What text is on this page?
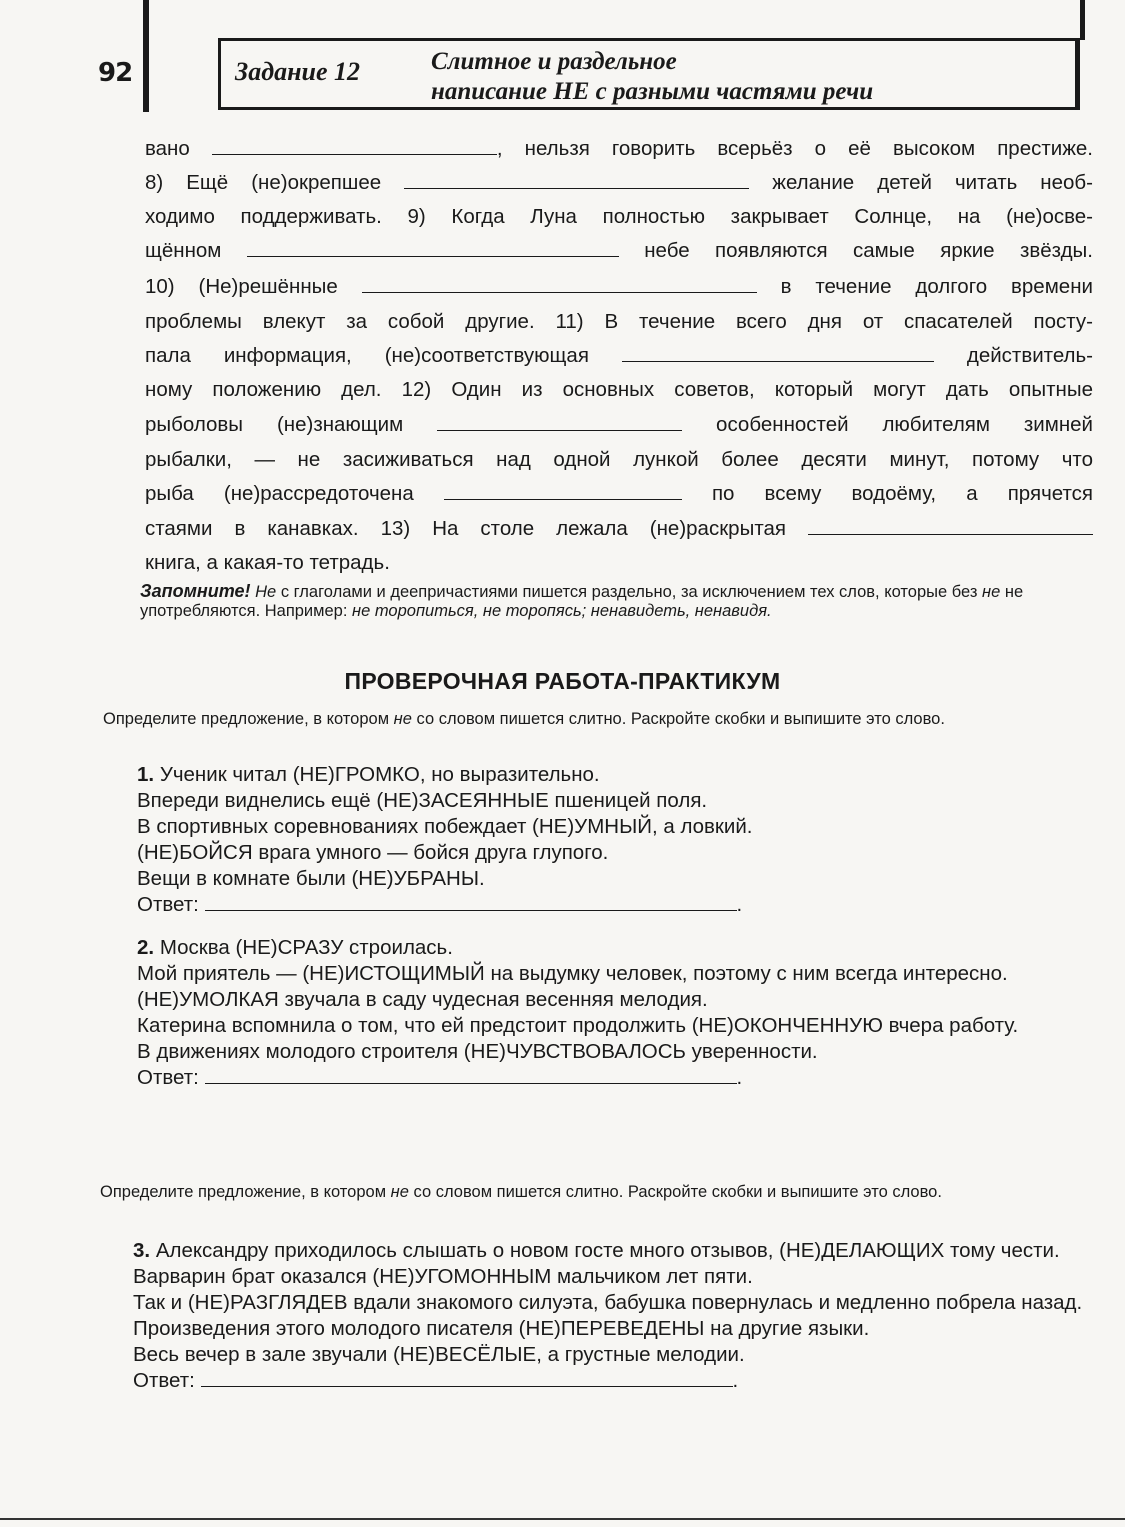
92	Задание 12	Слитное и раздельное
написание НЕ с разными частями речи
вано	, нельзя говорить всерьёз о её высоком престиже.
8) Ещё (не)окрепшее	желание детей читать необ-
ходимо поддерживать. 9) Когда Луна полностью закрывает Солнце, на (не)осве-
щённом	небе появляются самые яркие звёзды.
10) (Не)решённые	в течение долгого времени
проблемы влекут за собой другие. 11) В течение всего дня от спасателей посту-
пала информация, (не)соответствующая	действитель-
ному положению дел. 12) Один из основных советов, который могут дать опытные
рыболовы (не)знающим	особенностей любителям зимней
рыбалки, — не засиживаться над одной лункой более десяти минут, потому что
рыба (не)рассредоточена	по всему водоёму, а прячется
стаями в канавках. 13) На столе лежала (не)раскрытая
книга, а какая-то тетрадь.
Запомните! Не с глаголами и деепричастиями пишется раздельно, за исключением тех слов, которые без не не употребляются. Например: не торопиться, не торопясь; ненавидеть, ненавидя.
ПРОВЕРОЧНАЯ РАБОТА-ПРАКТИКУМ
Определите предложение, в котором не со словом пишется слитно. Раскройте скобки и выпишите это слово.

1. Ученик читал (НЕ)ГРОМКО, но выразительно.

Впереди виднелись ещё (НЕ)ЗАСЕЯННЫЕ пшеницей поля.

В спортивных соревнованиях побеждает (НЕ)УМНЫЙ, а ловкий.

(НЕ)БОЙСЯ врага умного — бойся друга глупого.

Вещи в комнате были (НЕ)УБРАНЫ.

Ответ:	.

2. Москва (НЕ)СРАЗУ строилась.

Мой приятель — (НЕ)ИСТОЩИМЫЙ на выдумку человек, поэтому с ним всегда интересно.

(НЕ)УМОЛКАЯ звучала в саду чудесная весенняя мелодия.

Катерина вспомнила о том, что ей предстоит продолжить (НЕ)ОКОНЧЕННУЮ вчера работу.

В движениях молодого строителя (НЕ)ЧУВСТВОВАЛОСЬ уверенности.

Ответ:	.

Определите предложение, в котором не со словом пишется слитно. Раскройте скобки и выпишите это слово.

3. Александру приходилось слышать о новом госте много отзывов, (НЕ)ДЕЛАЮЩИХ тому чести.

Варварин брат оказался (НЕ)УГОМОННЫМ мальчиком лет пяти.

Так и (НЕ)РАЗГЛЯДЕВ вдали знакомого силуэта, бабушка повернулась и медленно побрела назад.

Произведения этого молодого писателя (НЕ)ПЕРЕВЕДЕНЫ на другие языки.

Весь вечер в зале звучали (НЕ)ВЕСЁЛЫЕ, а грустные мелодии.

Ответ:	.
